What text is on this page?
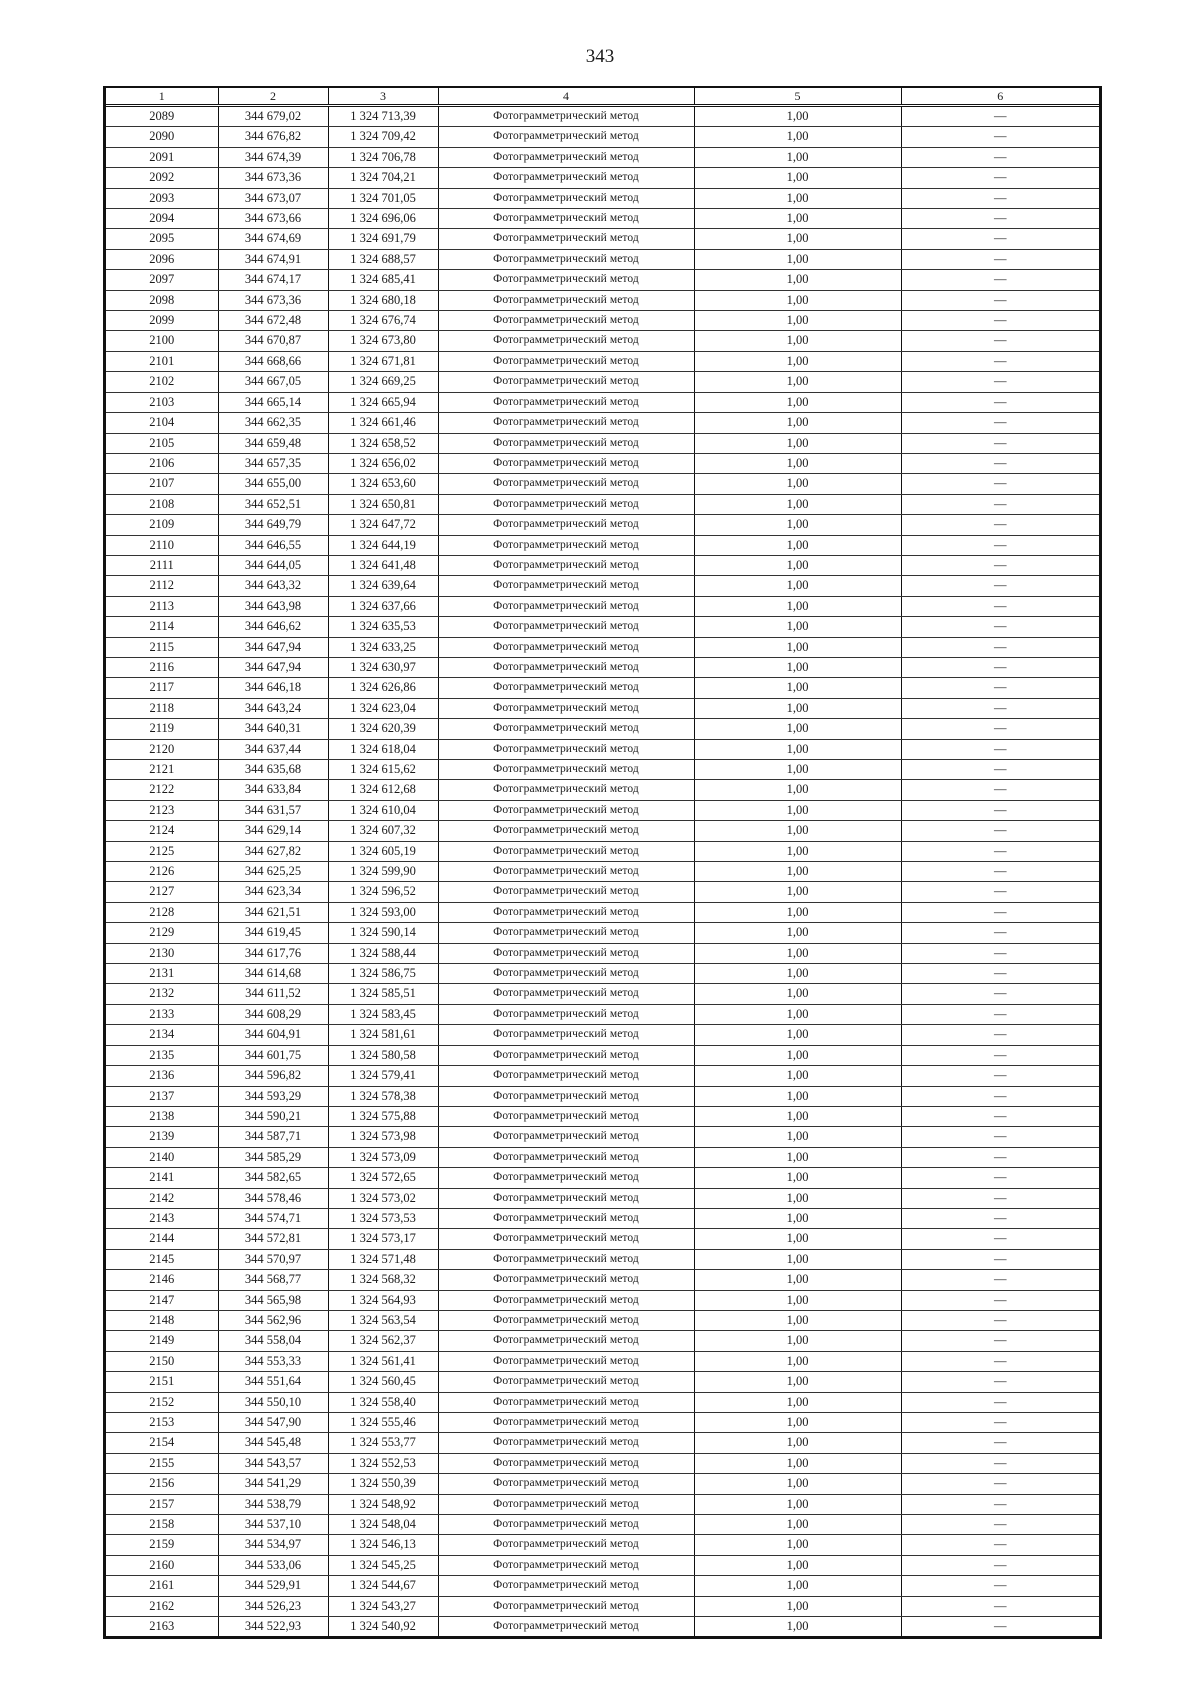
343
1	2	3	4	5	6
2089	344 679,02	1 324 713,39	Фотограмметрический метод	1,00	—
2090	344 676,82	1 324 709,42	Фотограмметрический метод	1,00	—
2091	344 674,39	1 324 706,78	Фотограмметрический метод	1,00	—
2092	344 673,36	1 324 704,21	Фотограмметрический метод	1,00	—
2093	344 673,07	1 324 701,05	Фотограмметрический метод	1,00	—
2094	344 673,66	1 324 696,06	Фотограмметрический метод	1,00	—
2095	344 674,69	1 324 691,79	Фотограмметрический метод	1,00	—
2096	344 674,91	1 324 688,57	Фотограмметрический метод	1,00	—
2097	344 674,17	1 324 685,41	Фотограмметрический метод	1,00	—
2098	344 673,36	1 324 680,18	Фотограмметрический метод	1,00	—
2099	344 672,48	1 324 676,74	Фотограмметрический метод	1,00	—
2100	344 670,87	1 324 673,80	Фотограмметрический метод	1,00	—
2101	344 668,66	1 324 671,81	Фотограмметрический метод	1,00	—
2102	344 667,05	1 324 669,25	Фотограмметрический метод	1,00	—
2103	344 665,14	1 324 665,94	Фотограмметрический метод	1,00	—
2104	344 662,35	1 324 661,46	Фотограмметрический метод	1,00	—
2105	344 659,48	1 324 658,52	Фотограмметрический метод	1,00	—
2106	344 657,35	1 324 656,02	Фотограмметрический метод	1,00	—
2107	344 655,00	1 324 653,60	Фотограмметрический метод	1,00	—
2108	344 652,51	1 324 650,81	Фотограмметрический метод	1,00	—
2109	344 649,79	1 324 647,72	Фотограмметрический метод	1,00	—
2110	344 646,55	1 324 644,19	Фотограмметрический метод	1,00	—
2111	344 644,05	1 324 641,48	Фотограмметрический метод	1,00	—
2112	344 643,32	1 324 639,64	Фотограмметрический метод	1,00	—
2113	344 643,98	1 324 637,66	Фотограмметрический метод	1,00	—
2114	344 646,62	1 324 635,53	Фотограмметрический метод	1,00	—
2115	344 647,94	1 324 633,25	Фотограмметрический метод	1,00	—
2116	344 647,94	1 324 630,97	Фотограмметрический метод	1,00	—
2117	344 646,18	1 324 626,86	Фотограмметрический метод	1,00	—
2118	344 643,24	1 324 623,04	Фотограмметрический метод	1,00	—
2119	344 640,31	1 324 620,39	Фотограмметрический метод	1,00	—
2120	344 637,44	1 324 618,04	Фотограмметрический метод	1,00	—
2121	344 635,68	1 324 615,62	Фотограмметрический метод	1,00	—
2122	344 633,84	1 324 612,68	Фотограмметрический метод	1,00	—
2123	344 631,57	1 324 610,04	Фотограмметрический метод	1,00	—
2124	344 629,14	1 324 607,32	Фотограмметрический метод	1,00	—
2125	344 627,82	1 324 605,19	Фотограмметрический метод	1,00	—
2126	344 625,25	1 324 599,90	Фотограмметрический метод	1,00	—
2127	344 623,34	1 324 596,52	Фотограмметрический метод	1,00	—
2128	344 621,51	1 324 593,00	Фотограмметрический метод	1,00	—
2129	344 619,45	1 324 590,14	Фотограмметрический метод	1,00	—
2130	344 617,76	1 324 588,44	Фотограмметрический метод	1,00	—
2131	344 614,68	1 324 586,75	Фотограмметрический метод	1,00	—
2132	344 611,52	1 324 585,51	Фотограмметрический метод	1,00	—
2133	344 608,29	1 324 583,45	Фотограмметрический метод	1,00	—
2134	344 604,91	1 324 581,61	Фотограмметрический метод	1,00	—
2135	344 601,75	1 324 580,58	Фотограмметрический метод	1,00	—
2136	344 596,82	1 324 579,41	Фотограмметрический метод	1,00	—
2137	344 593,29	1 324 578,38	Фотограмметрический метод	1,00	—
2138	344 590,21	1 324 575,88	Фотограмметрический метод	1,00	—
2139	344 587,71	1 324 573,98	Фотограмметрический метод	1,00	—
2140	344 585,29	1 324 573,09	Фотограмметрический метод	1,00	—
2141	344 582,65	1 324 572,65	Фотограмметрический метод	1,00	—
2142	344 578,46	1 324 573,02	Фотограмметрический метод	1,00	—
2143	344 574,71	1 324 573,53	Фотограмметрический метод	1,00	—
2144	344 572,81	1 324 573,17	Фотограмметрический метод	1,00	—
2145	344 570,97	1 324 571,48	Фотограмметрический метод	1,00	—
2146	344 568,77	1 324 568,32	Фотограмметрический метод	1,00	—
2147	344 565,98	1 324 564,93	Фотограмметрический метод	1,00	—
2148	344 562,96	1 324 563,54	Фотограмметрический метод	1,00	—
2149	344 558,04	1 324 562,37	Фотограмметрический метод	1,00	—
2150	344 553,33	1 324 561,41	Фотограмметрический метод	1,00	—
2151	344 551,64	1 324 560,45	Фотограмметрический метод	1,00	—
2152	344 550,10	1 324 558,40	Фотограмметрический метод	1,00	—
2153	344 547,90	1 324 555,46	Фотограмметрический метод	1,00	—
2154	344 545,48	1 324 553,77	Фотограмметрический метод	1,00	—
2155	344 543,57	1 324 552,53	Фотограмметрический метод	1,00	—
2156	344 541,29	1 324 550,39	Фотограмметрический метод	1,00	—
2157	344 538,79	1 324 548,92	Фотограмметрический метод	1,00	—
2158	344 537,10	1 324 548,04	Фотограмметрический метод	1,00	—
2159	344 534,97	1 324 546,13	Фотограмметрический метод	1,00	—
2160	344 533,06	1 324 545,25	Фотограмметрический метод	1,00	—
2161	344 529,91	1 324 544,67	Фотограмметрический метод	1,00	—
2162	344 526,23	1 324 543,27	Фотограмметрический метод	1,00	—
2163	344 522,93	1 324 540,92	Фотограмметрический метод	1,00	—
